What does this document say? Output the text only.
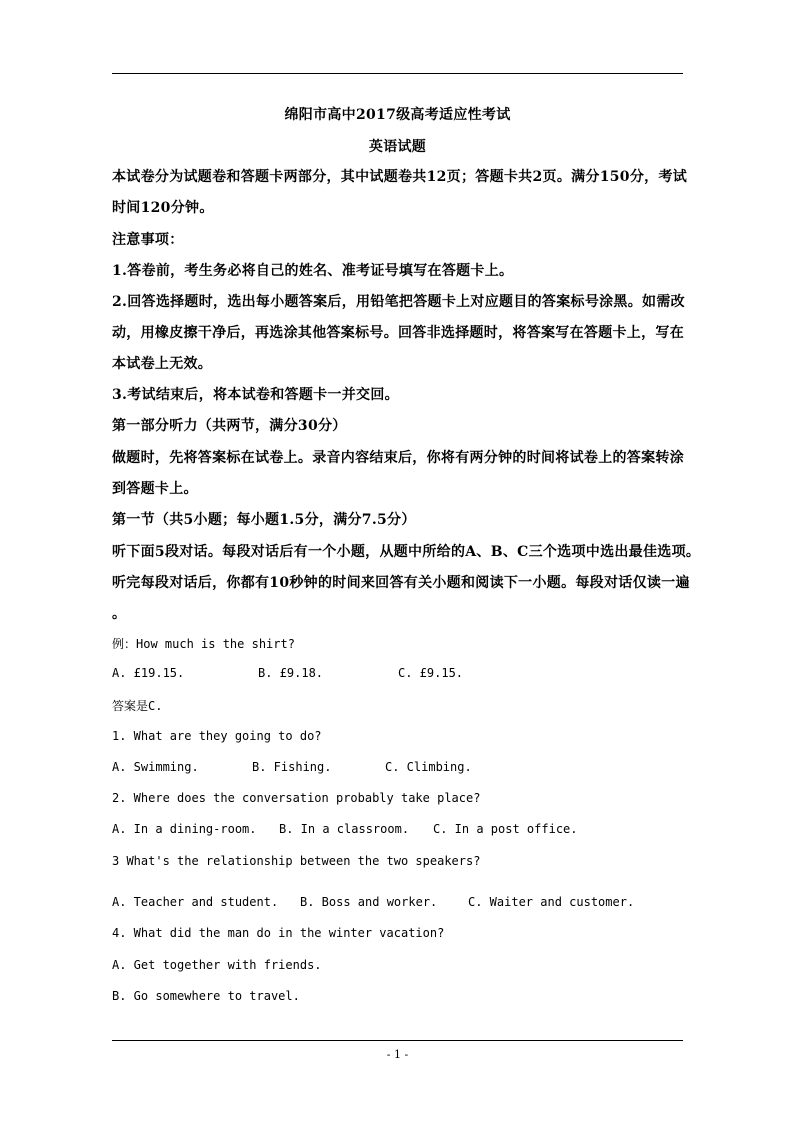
绵阳市高中2017级高考适应性考试
英语试题
本试卷分为试题卷和答题卡两部分，其中试题卷共12页；答题卡共2页。满分150分，考试
时间120分钟。
注意事项：
1.答卷前，考生务必将自己的姓名、准考证号填写在答题卡上。
2.回答选择题时，选出每小题答案后，用铅笔把答题卡上对应题目的答案标号涂黑。如需改
动，用橡皮擦干净后，再选涂其他答案标号。回答非选择题时，将答案写在答题卡上，写在
本试卷上无效。
3.考试结束后，将本试卷和答题卡一并交回。
第一部分听力（共两节，满分30分）
做题时，先将答案标在试卷上。录音内容结束后，你将有两分钟的时间将试卷上的答案转涂
到答题卡上。
第一节（共5小题；每小题1.5分，满分7.5分）
听下面5段对话。每段对话后有一个小题，从题中所给的A、B、C三个选项中选出最佳选项。
听完每段对话后，你都有10秒钟的时间来回答有关小题和阅读下一小题。每段对话仅读一遍
。
例：How much is the shirt?
A. £19.15.	B. £9.18.	C. £9.15.
答案是C.
1. What are they going to do?
A. Swimming.	B. Fishing.	C. Climbing.
2. Where does the conversation probably take place?
A. In a dining-room. B. In a classroom. C. In a post office.
3 What's the relationship between the two speakers?
A. Teacher and student. B. Boss and worker.	C. Waiter and customer.
4. What did the man do in the winter vacation?
A. Get together with friends.
B. Go somewhere to travel.
- 1 -
